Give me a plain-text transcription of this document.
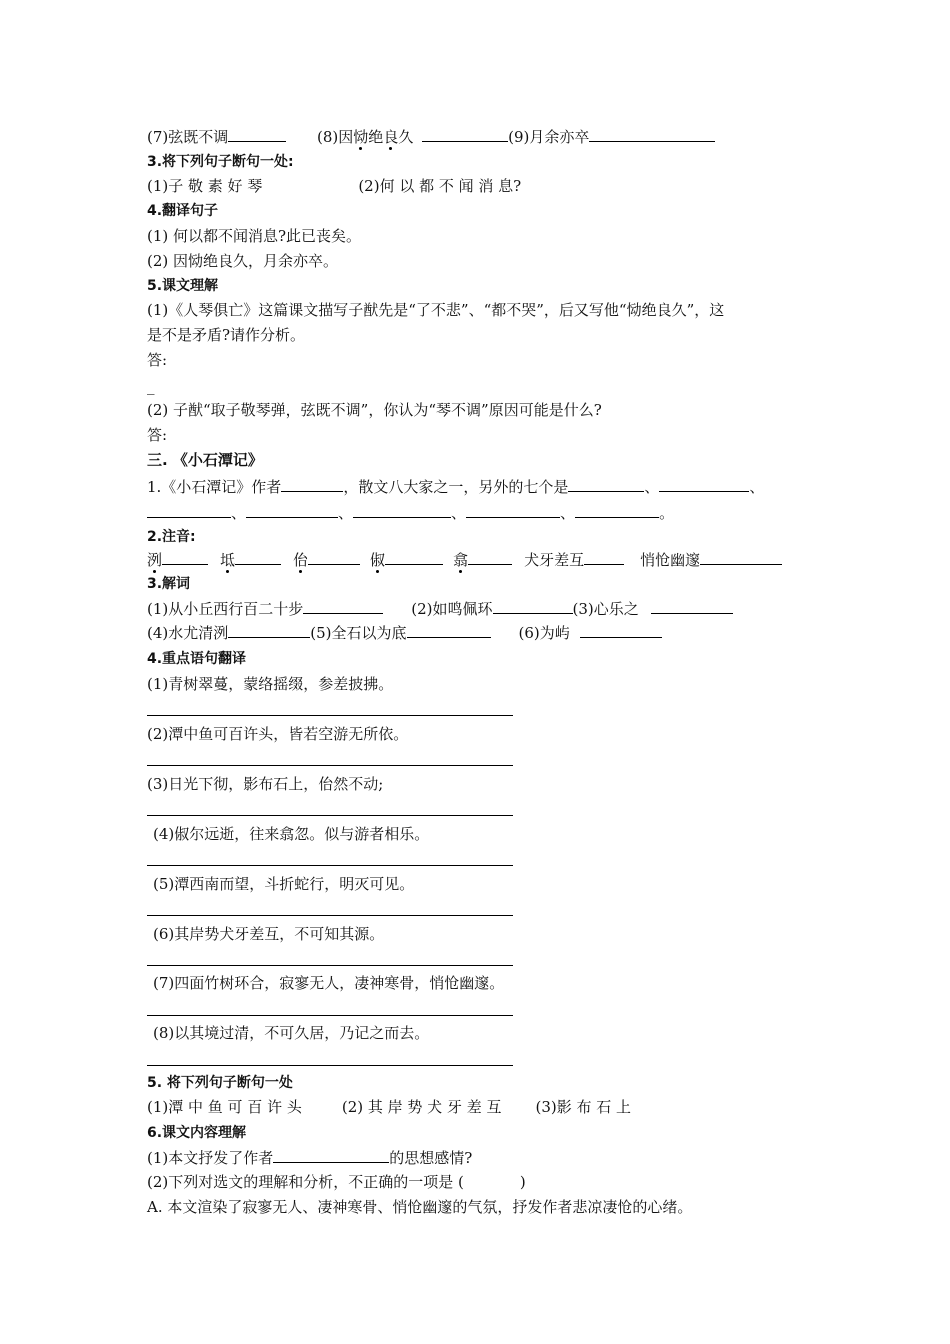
(7)弦既不调	(8)因恸绝良久	(9)月余亦卒
3.将下列句子断句一处:
(1)子 敬 素 好 琴	(2)何 以 都 不 闻 消 息?
4.翻译句子
(1) 何以都不闻消息?此已丧矣。
(2) 因恸绝良久，月余亦卒。
5.课文理解
(1)《人琴俱亡》这篇课文描写子猷先是“了不悲”、“都不哭”，后又写他“恸绝良久”，这
是不是矛盾?请作分析。
答:
_
(2) 子猷“取子敬琴弹，弦既不调”，你认为“琴不调”原因可能是什么?
答:
三. 《小石潭记》
1.《小石潭记》作者	，散文八大家之一，另外的七个是	、	、
、	、	、	、	。
2.注音:
洌	坻	佁	俶	翕	犬牙差互	悄怆幽邃
3.解词
(1)从小丘西行百二十步	(2)如鸣佩环	(3)心乐之
(4)水尤清洌	(5)全石以为底	(6)为屿
4.重点语句翻译
(1)青树翠蔓，蒙络摇缀，参差披拂。
(2)潭中鱼可百许头，皆若空游无所依。
(3)日光下彻，影布石上，佁然不动;
(4)俶尔远逝，往来翕忽。似与游者相乐。
(5)潭西南而望，斗折蛇行，明灭可见。
(6)其岸势犬牙差互，不可知其源。
(7)四面竹树环合，寂寥无人，凄神寒骨，悄怆幽邃。
(8)以其境过清，不可久居，乃记之而去。
5. 将下列句子断句一处
(1)潭 中 鱼 可 百 许 头	(2) 其 岸 势 犬 牙 差 互 (3)影 布 石 上
6.课文内容理解
(1)本文抒发了作者	的思想感情?
(2)下列对选文的理解和分析，不正确的一项是 (	)
A. 本文渲染了寂寥无人、凄神寒骨、悄怆幽邃的气氛，抒发作者悲凉凄怆的心绪。
